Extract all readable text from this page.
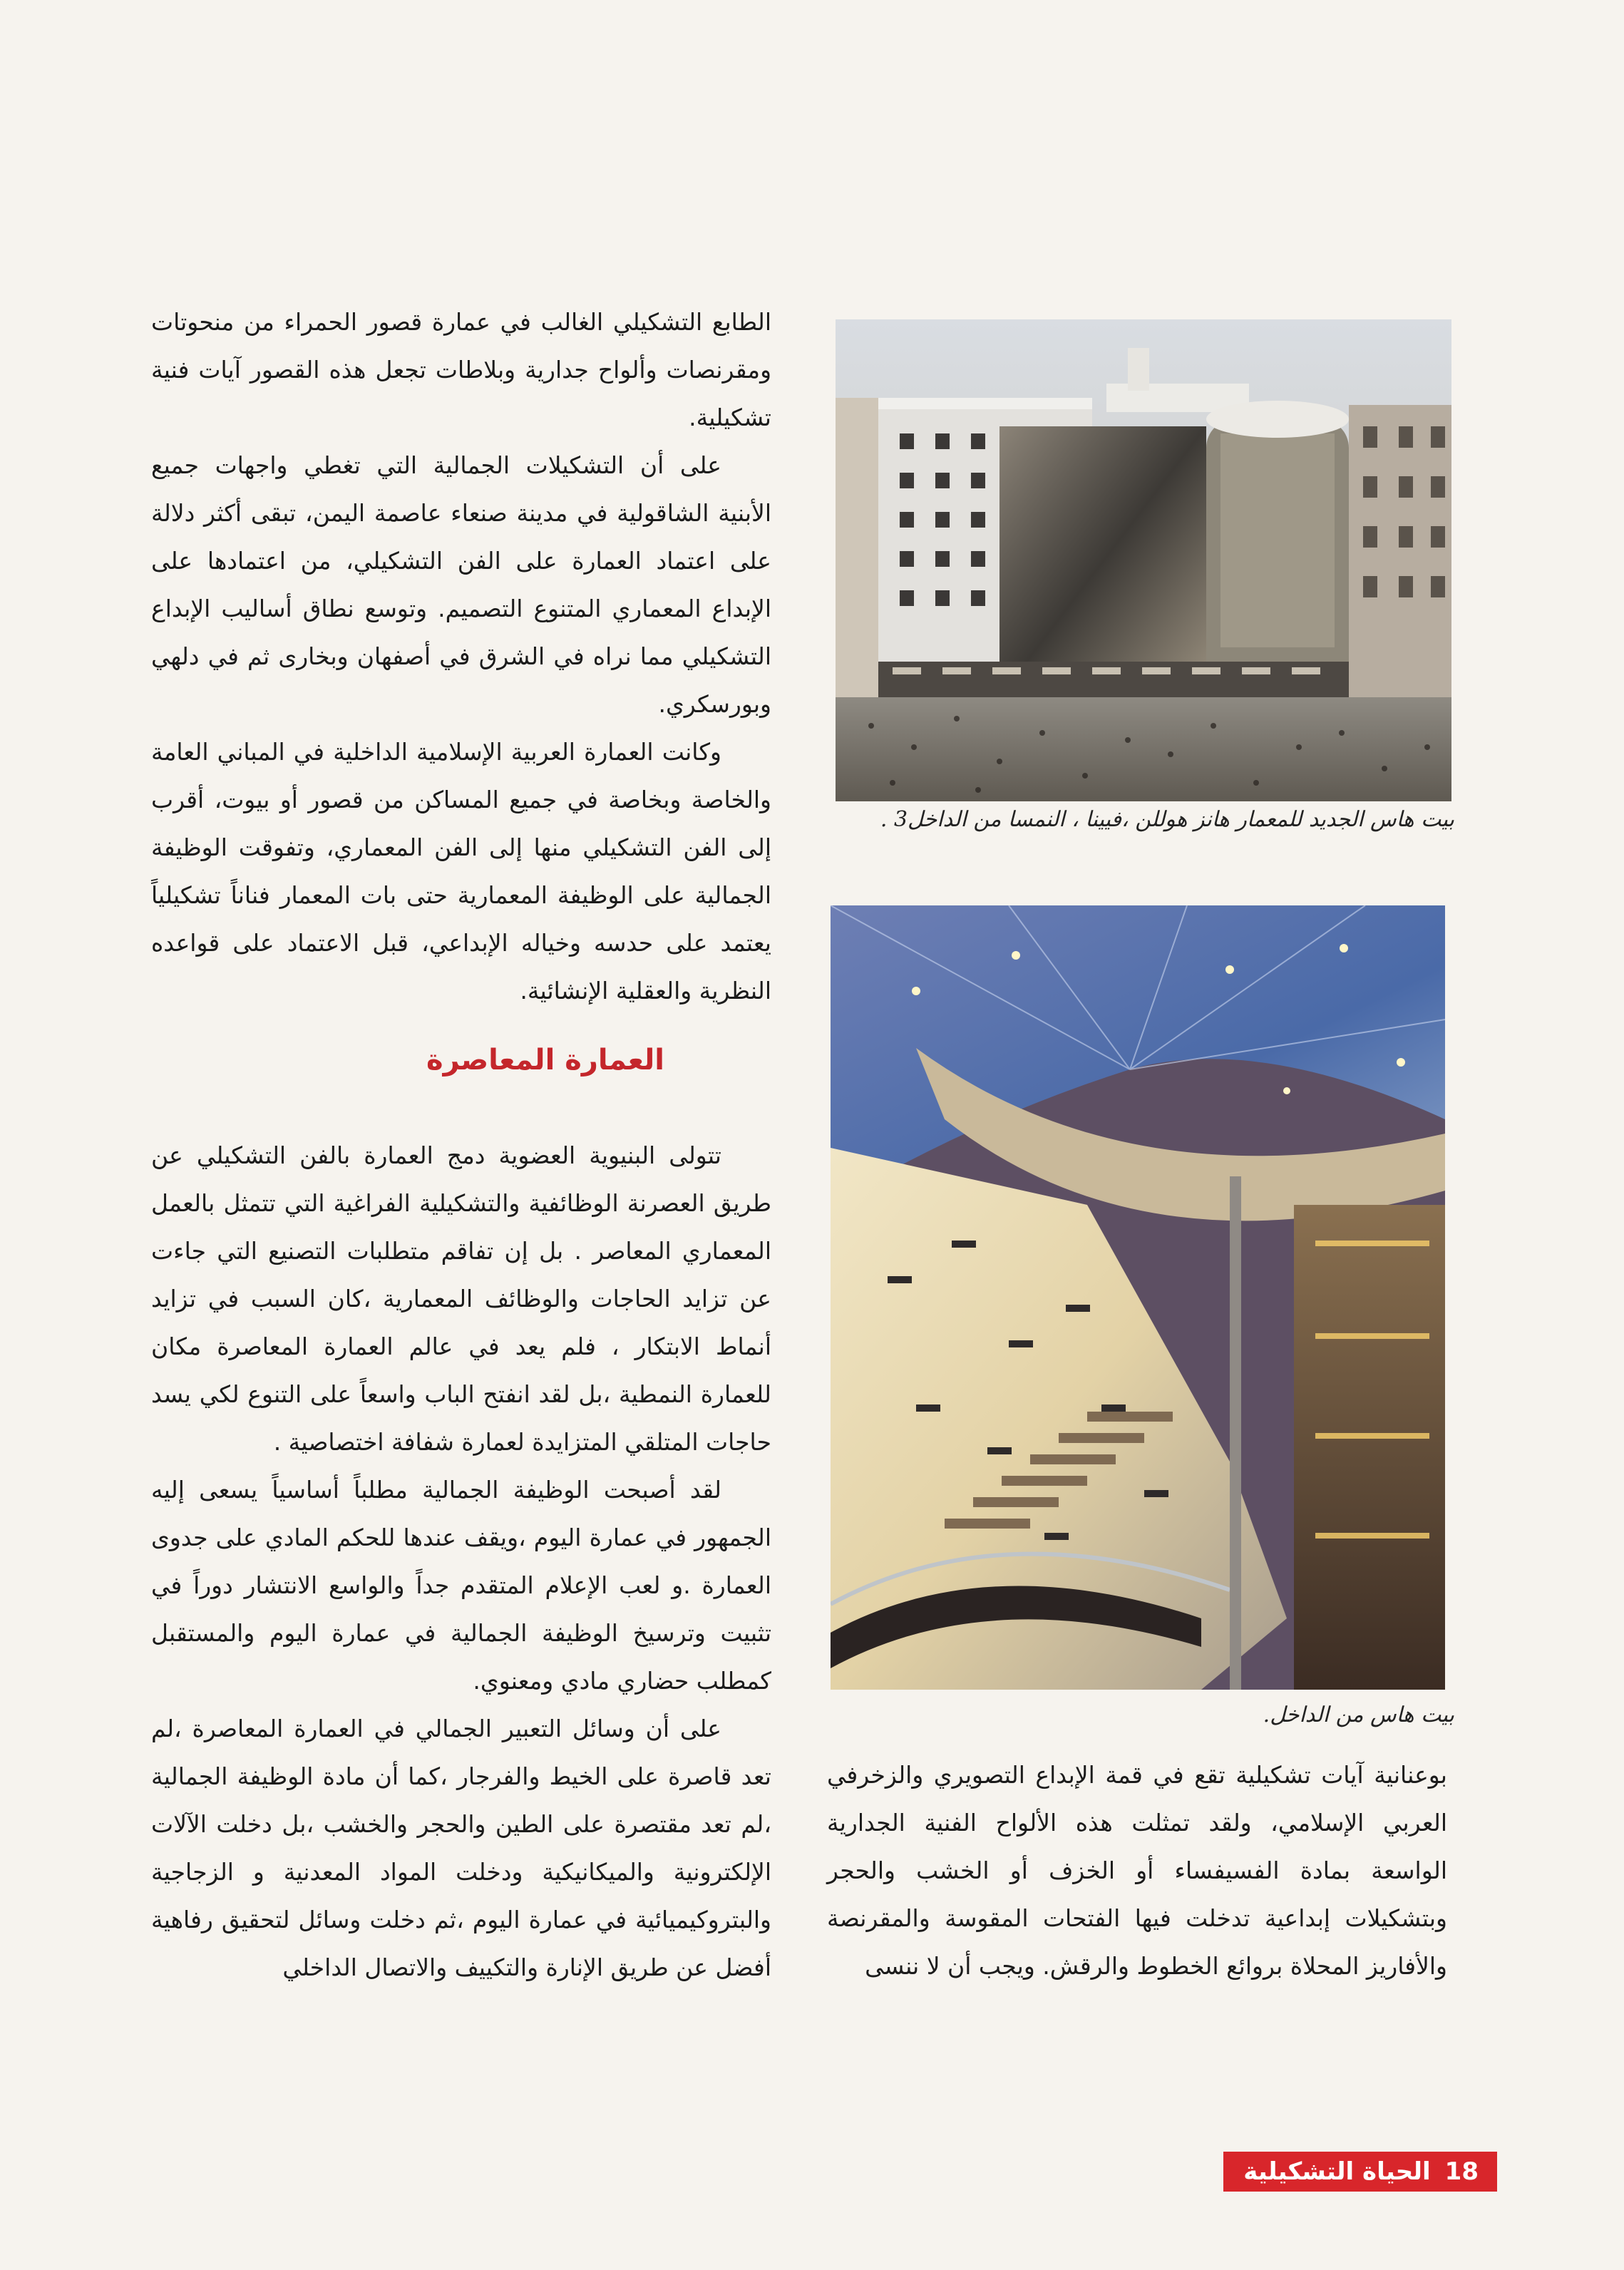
الطابع التشكيلي الغالب في عمارة قصور الحمراء من منحوتات ومقرنصات وألواح جدارية وبلاطات تجعل هذه القصور آيات فنية تشكيلية.

على أن التشكيلات الجمالية التي تغطي واجهات جميع الأبنية الشاقولية في مدينة صنعاء عاصمة اليمن، تبقى أكثر دلالة على اعتماد العمارة على الفن التشكيلي، من اعتمادها على الإبداع المعماري المتنوع التصميم. وتوسع نطاق أساليب الإبداع التشكيلي مما نراه في الشرق في أصفهان وبخارى ثم في دلهي وبورسكري.

وكانت العمارة العربية الإسلامية الداخلية في المباني العامة والخاصة وبخاصة في جميع المساكن من قصور أو بيوت، أقرب إلى الفن التشكيلي منها إلى الفن المعماري، وتفوقت الوظيفة الجمالية على الوظيفة المعمارية حتى بات المعمار فناناً تشكيلياً يعتمد على حدسه وخياله الإبداعي، قبل الاعتماد على قواعده النظرية والعقلية الإنشائية.

العمارة المعاصرة

تتولى البنيوية العضوية دمج العمارة بالفن التشكيلي عن طريق العصرنة الوظائفية والتشكيلية الفراغية التي تتمثل بالعمل المعماري المعاصر . بل إن تفاقم متطلبات التصنيع التي جاءت عن تزايد الحاجات والوظائف المعمارية ،كان السبب في تزايد أنماط الابتكار ، فلم يعد في عالم العمارة المعاصرة مكان للعمارة النمطية ،بل لقد انفتح الباب واسعاً على التنوع لكي يسد حاجات المتلقي المتزايدة لعمارة شفافة اختصاصية .

لقد أصبحت الوظيفة الجمالية مطلباً أساسياً يسعى إليه الجمهور في عمارة اليوم ،ويقف عندها للحكم المادي على جدوى العمارة .و لعب الإعلام المتقدم جداً والواسع الانتشار دوراً في تثبيت وترسيخ الوظيفة الجمالية في عمارة اليوم والمستقبل كمطلب حضاري مادي ومعنوي.

على أن وسائل التعبير الجمالي في العمارة المعاصرة ،لم تعد قاصرة على الخيط والفرجار ،كما أن مادة الوظيفة الجمالية ،لم تعد مقتصرة على الطين والحجر والخشب ،بل دخلت الآلات الإلكترونية والميكانيكية ودخلت المواد المعدنية و الزجاجية والبتروكيميائية في عمارة اليوم ،ثم دخلت وسائل لتحقيق رفاهية أفضل عن طريق الإنارة والتكييف والاتصال الداخلي

بيت هاس الجديد للمعمار هانز هوللن ،فيينا ، النمسا من الداخل3 .
بيت هاس من الداخل.

بوعنانية آيات تشكيلية تقع في قمة الإبداع التصويري والزخرفي العربي الإسلامي، ولقد تمثلت هذه الألواح الفنية الجدارية الواسعة بمادة الفسيفساء أو الخزف أو الخشب والحجر وبتشكيلات إبداعية تدخلت فيها الفتحات المقوسة والمقرنصة والأفاريز المحلاة بروائع الخطوط والرقش. ويجب أن لا ننسى

18
الحياة التشكيلية
